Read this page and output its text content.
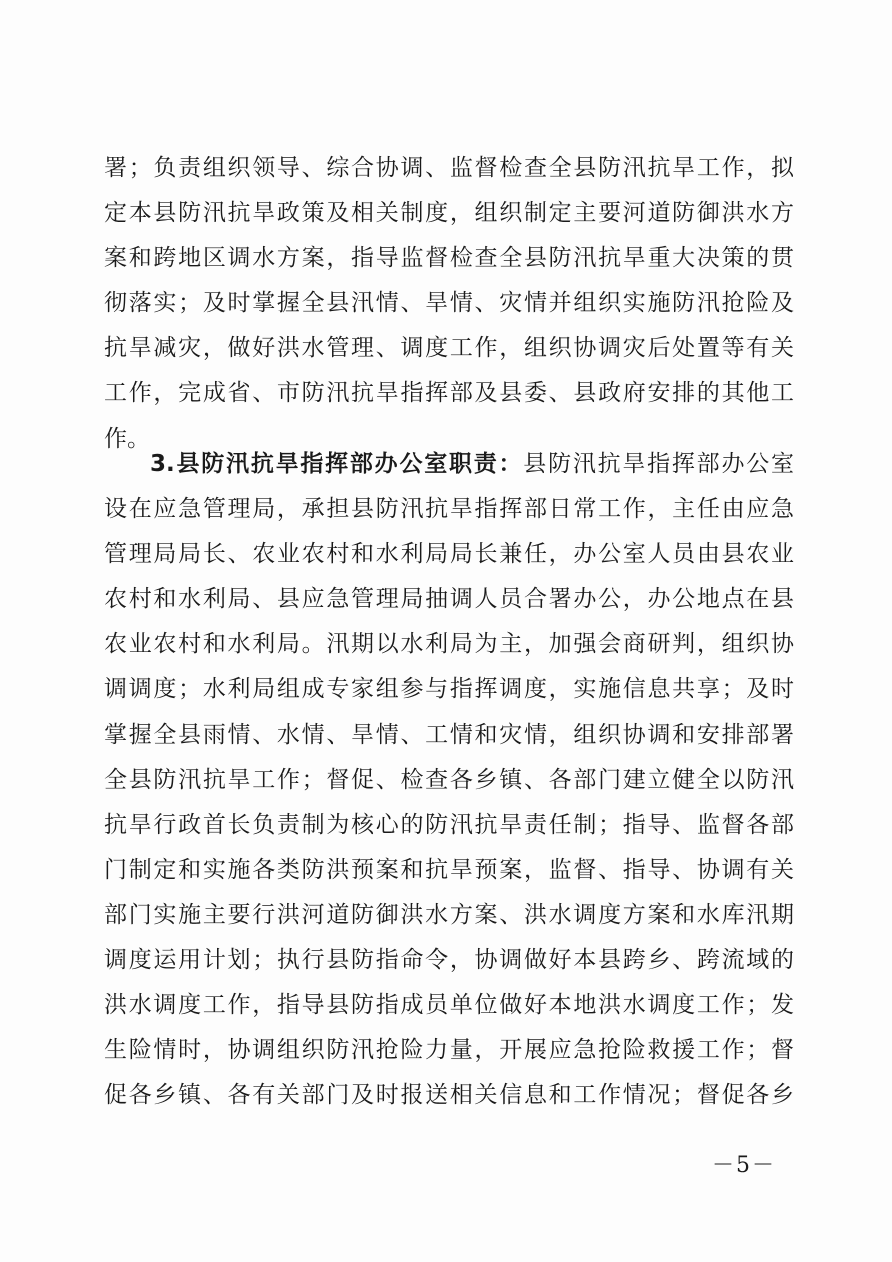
署；负责组织领导、综合协调、监督检查全县防汛抗旱工作，拟
定本县防汛抗旱政策及相关制度，组织制定主要河道防御洪水方
案和跨地区调水方案，指导监督检查全县防汛抗旱重大决策的贯
彻落实；及时掌握全县汛情、旱情、灾情并组织实施防汛抢险及
抗旱减灾，做好洪水管理、调度工作，组织协调灾后处置等有关
工作，完成省、市防汛抗旱指挥部及县委、县政府安排的其他工
作。
3.县防汛抗旱指挥部办公室职责：县防汛抗旱指挥部办公室
设在应急管理局，承担县防汛抗旱指挥部日常工作，主任由应急
管理局局长、农业农村和水利局局长兼任，办公室人员由县农业
农村和水利局、县应急管理局抽调人员合署办公，办公地点在县
农业农村和水利局。汛期以水利局为主，加强会商研判，组织协
调调度；水利局组成专家组参与指挥调度，实施信息共享；及时
掌握全县雨情、水情、旱情、工情和灾情，组织协调和安排部署
全县防汛抗旱工作；督促、检查各乡镇、各部门建立健全以防汛
抗旱行政首长负责制为核心的防汛抗旱责任制；指导、监督各部
门制定和实施各类防洪预案和抗旱预案，监督、指导、协调有关
部门实施主要行洪河道防御洪水方案、洪水调度方案和水库汛期
调度运用计划；执行县防指命令，协调做好本县跨乡、跨流域的
洪水调度工作，指导县防指成员单位做好本地洪水调度工作；发
生险情时，协调组织防汛抢险力量，开展应急抢险救援工作；督
促各乡镇、各有关部门及时报送相关信息和工作情况；督促各乡
－5－
